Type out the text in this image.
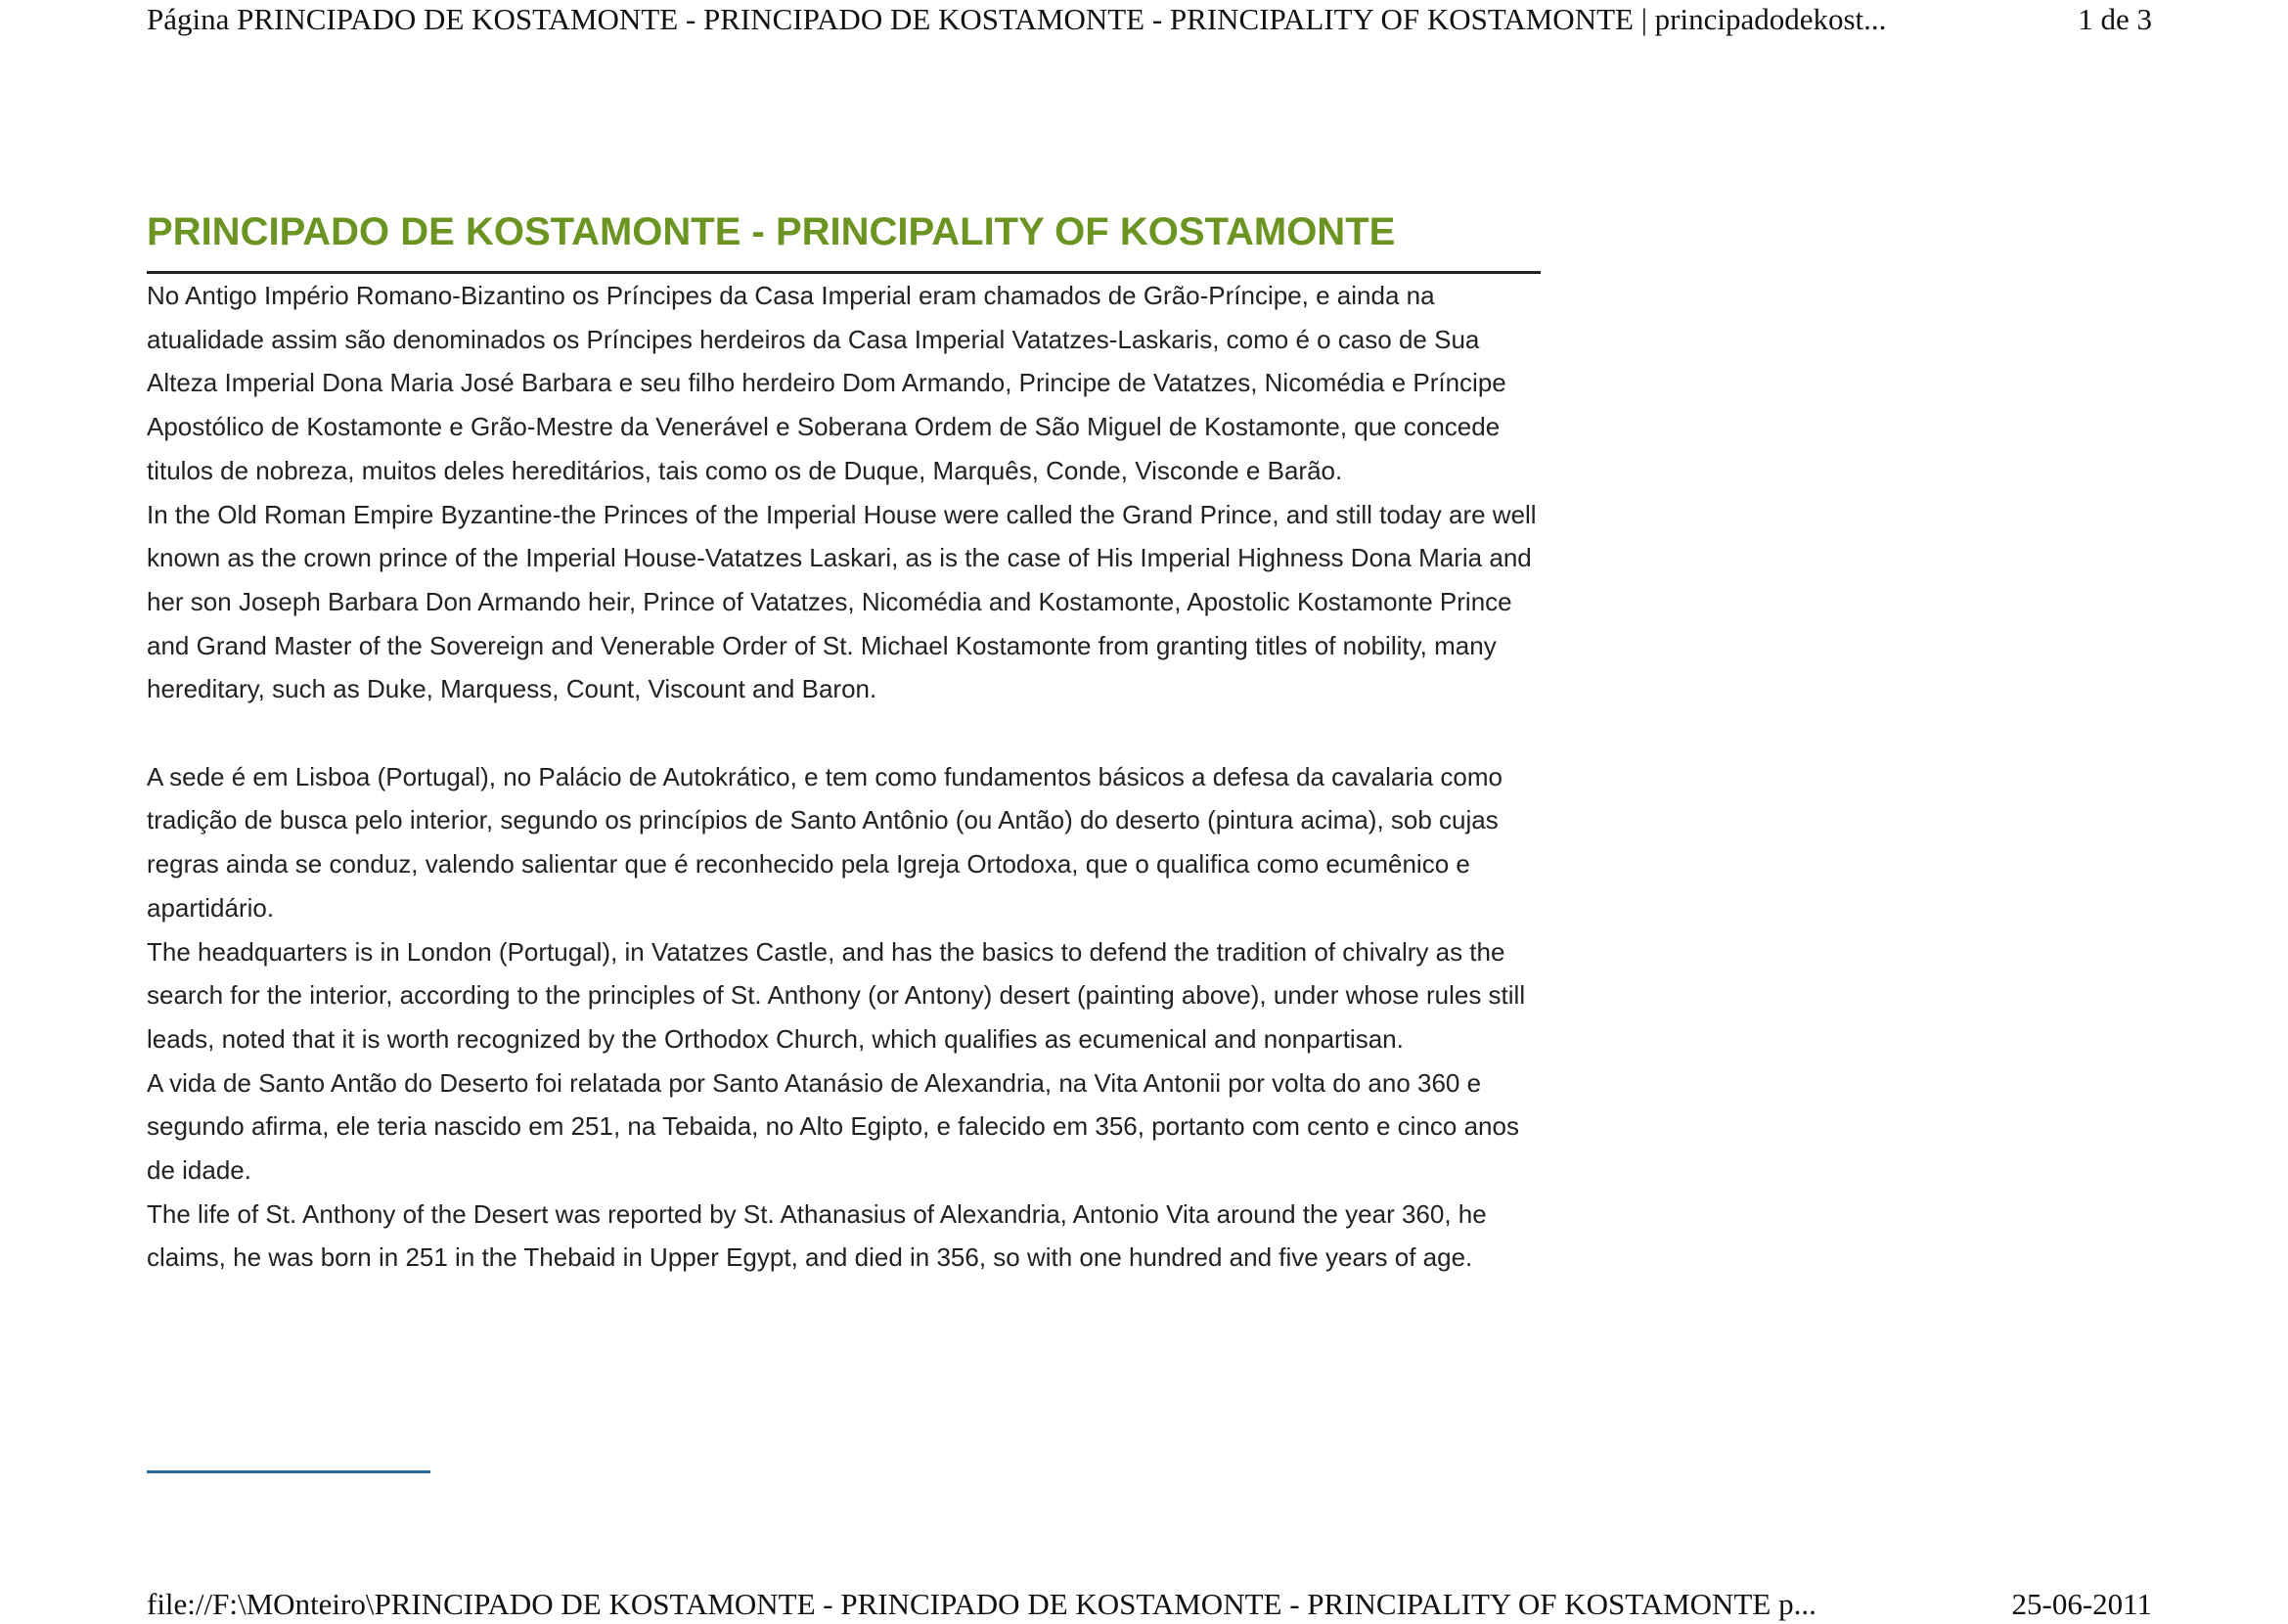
Página PRINCIPADO DE KOSTAMONTE - PRINCIPADO DE KOSTAMONTE - PRINCIPALITY OF KOSTAMONTE | principadodekost...	1 de 3
PRINCIPADO DE KOSTAMONTE - PRINCIPALITY OF KOSTAMONTE

No Antigo Império Romano-Bizantino os Príncipes da Casa Imperial eram chamados de Grão-Príncipe, e ainda na atualidade assim são denominados os Príncipes herdeiros da Casa Imperial Vatatzes-Laskaris, como é o caso de Sua Alteza Imperial Dona Maria José Barbara e seu filho herdeiro Dom Armando, Principe de Vatatzes, Nicomédia e Príncipe Apostólico de Kostamonte e Grão-Mestre da Venerável e Soberana Ordem de São Miguel de Kostamonte, que concede titulos de nobreza, muitos deles hereditários, tais como os de Duque, Marquês, Conde, Visconde e Barão.

In the Old Roman Empire Byzantine-the Princes of the Imperial House were called the Grand Prince, and still today are well known as the crown prince of the Imperial House-Vatatzes Laskari, as is the case of His Imperial Highness Dona Maria and her son Joseph Barbara Don Armando heir, Prince of Vatatzes, Nicomédia and Kostamonte, Apostolic Kostamonte Prince and Grand Master of the Sovereign and Venerable Order of St. Michael Kostamonte from granting titles of nobility, many hereditary, such as Duke, Marquess, Count, Viscount and Baron.

A sede é em Lisboa (Portugal), no Palácio de Autokrático, e tem como fundamentos básicos a defesa da cavalaria como tradição de busca pelo interior, segundo os princípios de Santo Antônio (ou Antão) do deserto (pintura acima), sob cujas regras ainda se conduz, valendo salientar que é reconhecido pela Igreja Ortodoxa, que o qualifica como ecumênico e apartidário.

The headquarters is in London (Portugal), in Vatatzes Castle, and has the basics to defend the tradition of chivalry as the search for the interior, according to the principles of St. Anthony (or Antony) desert (painting above), under whose rules still leads, noted that it is worth recognized by the Orthodox Church, which qualifies as ecumenical and nonpartisan.

A vida de Santo Antão do Deserto foi relatada por Santo Atanásio de Alexandria, na Vita Antonii por volta do ano 360 e segundo afirma, ele teria nascido em 251, na Tebaida, no Alto Egipto, e falecido em 356, portanto com cento e cinco anos de idade.

The life of St. Anthony of the Desert was reported by St. Athanasius of Alexandria, Antonio Vita around the year 360, he claims, he was born in 251 in the Thebaid in Upper Egypt, and died in 356, so with one hundred and five years of age.

file://F:\MOnteiro\PRINCIPADO DE KOSTAMONTE - PRINCIPADO DE KOSTAMONTE - PRINCIPALITY OF KOSTAMONTE p...	25-06-2011
